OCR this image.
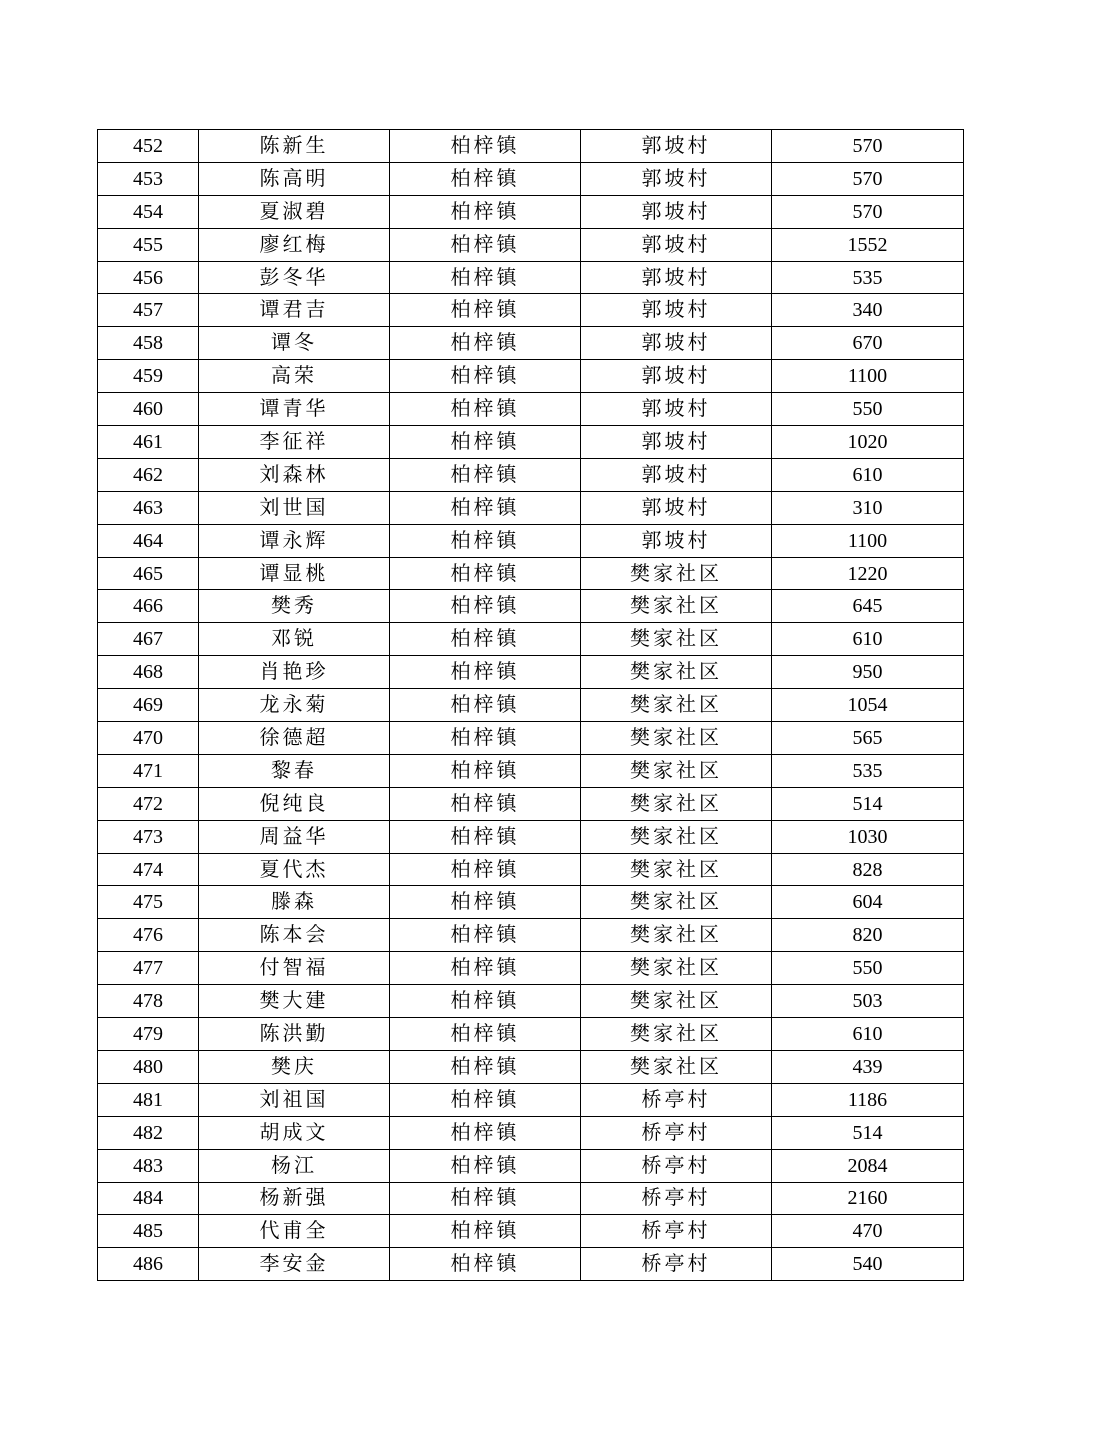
452	陈新生	柏梓镇	郭坡村	570
453	陈高明	柏梓镇	郭坡村	570
454	夏淑碧	柏梓镇	郭坡村	570
455	廖红梅	柏梓镇	郭坡村	1552
456	彭冬华	柏梓镇	郭坡村	535
457	谭君吉	柏梓镇	郭坡村	340
458	谭冬	柏梓镇	郭坡村	670
459	高荣	柏梓镇	郭坡村	1100
460	谭青华	柏梓镇	郭坡村	550
461	李征祥	柏梓镇	郭坡村	1020
462	刘森林	柏梓镇	郭坡村	610
463	刘世国	柏梓镇	郭坡村	310
464	谭永辉	柏梓镇	郭坡村	1100
465	谭显桃	柏梓镇	樊家社区	1220
466	樊秀	柏梓镇	樊家社区	645
467	邓锐	柏梓镇	樊家社区	610
468	肖艳珍	柏梓镇	樊家社区	950
469	龙永菊	柏梓镇	樊家社区	1054
470	徐德超	柏梓镇	樊家社区	565
471	黎春	柏梓镇	樊家社区	535
472	倪纯良	柏梓镇	樊家社区	514
473	周益华	柏梓镇	樊家社区	1030
474	夏代杰	柏梓镇	樊家社区	828
475	滕森	柏梓镇	樊家社区	604
476	陈本会	柏梓镇	樊家社区	820
477	付智福	柏梓镇	樊家社区	550
478	樊大建	柏梓镇	樊家社区	503
479	陈洪勤	柏梓镇	樊家社区	610
480	樊庆	柏梓镇	樊家社区	439
481	刘祖国	柏梓镇	桥亭村	1186
482	胡成文	柏梓镇	桥亭村	514
483	杨江	柏梓镇	桥亭村	2084
484	杨新强	柏梓镇	桥亭村	2160
485	代甫全	柏梓镇	桥亭村	470
486	李安金	柏梓镇	桥亭村	540
